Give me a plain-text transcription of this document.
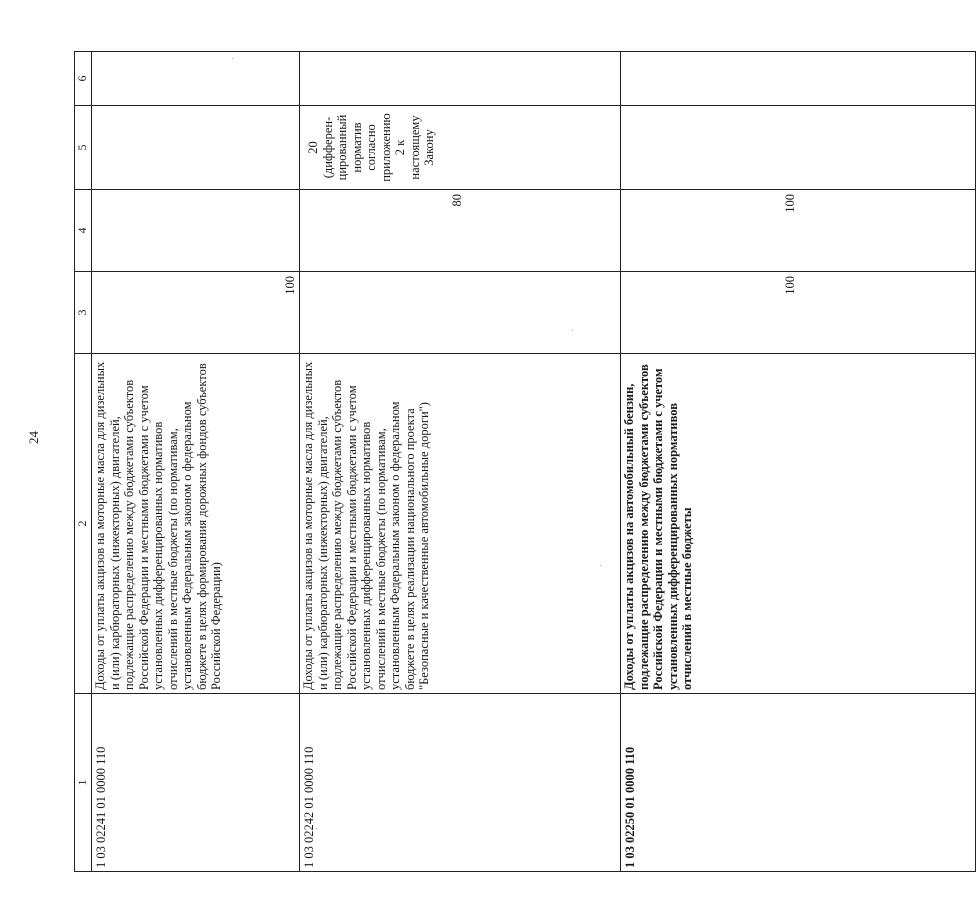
24
1	2	3	4	5	6
1 03 02241 01 0000 110	Доходы от уплаты акцизов на моторные масла для дизельных и (или) карбюраторных (инжекторных) двигателей, подлежащие распределению между бюджетами субъектов Российской Федерации и местными бюджетами с учетом установленных дифференцированных нормативов отчислений в местные бюджеты (по нормативам, установленным Федеральным законом о федеральном бюджете в целях формирования дорожных фондов субъектов Российской Федерации)	100			
1 03 02242 01 0000 110	Доходы от уплаты акцизов на моторные масла для дизельных и (или) карбюраторных (инжекторных) двигателей, подлежащие распределению между бюджетами субъектов Российской Федерации и местными бюджетами с учетом установленных дифференцированных нормативов отчислений в местные бюджеты (по нормативам, установленным Федеральным законом о федеральном бюджете в целях реализации национального проекта "Безопасные и качественные автомобильные дороги")		80	20 (дифферен-цированный норматив согласно приложению 2 к настоящему Закону	
1 03 02250 01 0000 110	Доходы от уплаты акцизов на автомобильный бензин, подлежащие распределению между бюджетами субъектов Российской Федерации и местными бюджетами с учетом установленных дифференцированных нормативов отчислений в местные бюджеты	100	100		
